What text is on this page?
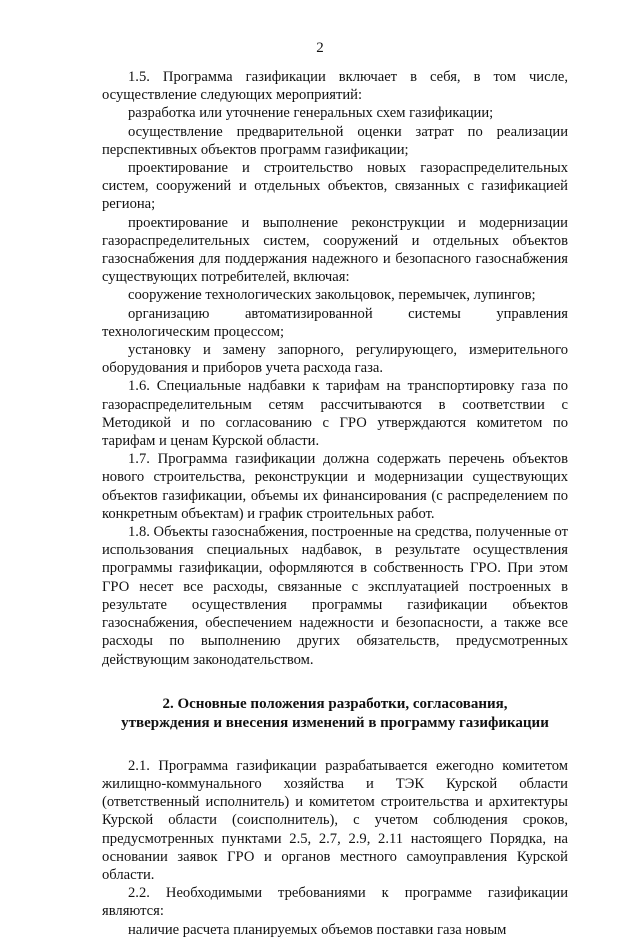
2

1.5. Программа газификации включает в себя, в том числе, осуществление следующих мероприятий:

разработка или уточнение генеральных схем газификации;

осуществление предварительной оценки затрат по реализации перспективных объектов программ газификации;

проектирование и строительство новых газораспределительных систем, сооружений и отдельных объектов, связанных с газификацией региона;

проектирование и выполнение реконструкции и модернизации газораспределительных систем, сооружений и отдельных объектов газоснабжения для поддержания надежного и безопасного газоснабжения существующих потребителей, включая:

сооружение технологических закольцовок, перемычек, лупингов;

организацию автоматизированной системы управления технологическим процессом;

установку и замену запорного, регулирующего, измерительного оборудования и приборов учета расхода газа.

1.6. Специальные надбавки к тарифам на транспортировку газа по газораспределительным сетям рассчитываются в соответствии с Методикой и по согласованию с ГРО утверждаются комитетом по тарифам и ценам Курской области.

1.7. Программа газификации должна содержать перечень объектов нового строительства, реконструкции и модернизации существующих объектов газификации, объемы их финансирования (с распределением по конкретным объектам) и график строительных работ.

1.8. Объекты газоснабжения, построенные на средства, полученные от использования специальных надбавок, в результате осуществления программы газификации, оформляются в собственность ГРО. При этом ГРО несет все расходы, связанные с эксплуатацией построенных в результате осуществления программы газификации объектов газоснабжения, обеспечением надежности и безопасности, а также все расходы по выполнению других обязательств, предусмотренных действующим законодательством.

2. Основные положения разработки, согласования,
утверждения и внесения изменений в программу газификации

2.1. Программа газификации разрабатывается ежегодно комитетом жилищно-коммунального хозяйства и ТЭК Курской области (ответственный исполнитель) и комитетом строительства и архитектуры Курской области (соисполнитель), с учетом соблюдения сроков, предусмотренных пунктами 2.5, 2.7, 2.9, 2.11 настоящего Порядка, на основании заявок ГРО и органов местного самоуправления Курской области.

2.2. Необходимыми требованиями к программе газификации являются:

наличие расчета планируемых объемов поставки газа новым
